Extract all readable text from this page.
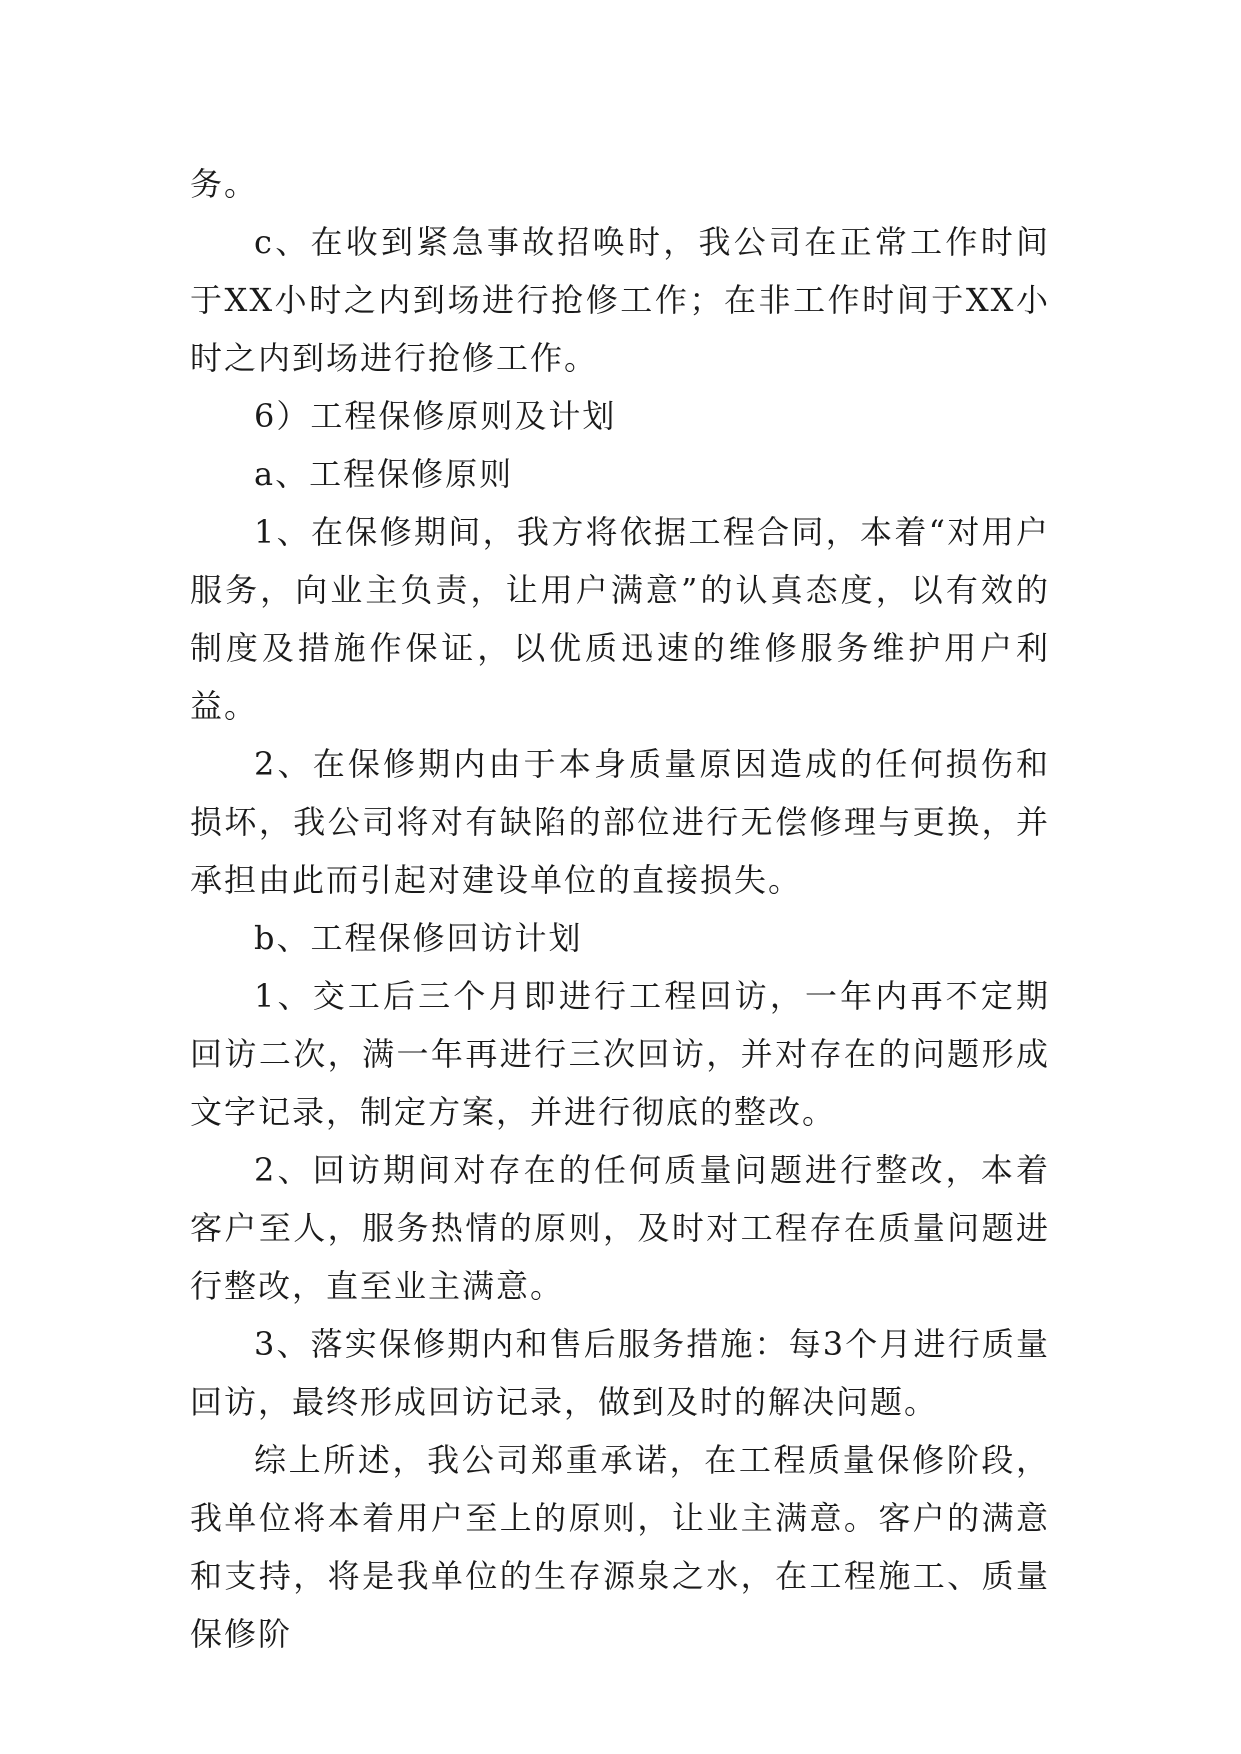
务。

c、在收到紧急事故招唤时，我公司在正常工作时间于XX小时之内到场进行抢修工作；在非工作时间于XX小时之内到场进行抢修工作。

6）工程保修原则及计划

a、工程保修原则

1、在保修期间，我方将依据工程合同，本着“对用户服务，向业主负责，让用户满意”的认真态度，以有效的制度及措施作保证，以优质迅速的维修服务维护用户利益。

2、在保修期内由于本身质量原因造成的任何损伤和损坏，我公司将对有缺陷的部位进行无偿修理与更换，并承担由此而引起对建设单位的直接损失。

b、工程保修回访计划

1、交工后三个月即进行工程回访，一年内再不定期回访二次，满一年再进行三次回访，并对存在的问题形成文字记录，制定方案，并进行彻底的整改。

2、回访期间对存在的任何质量问题进行整改，本着客户至人，服务热情的原则，及时对工程存在质量问题进行整改，直至业主满意。

3、落实保修期内和售后服务措施：每3个月进行质量回访，最终形成回访记录，做到及时的解决问题。

综上所述，我公司郑重承诺，在工程质量保修阶段，我单位将本着用户至上的原则，让业主满意。客户的满意和支持，将是我单位的生存源泉之水，在工程施工、质量保修阶
